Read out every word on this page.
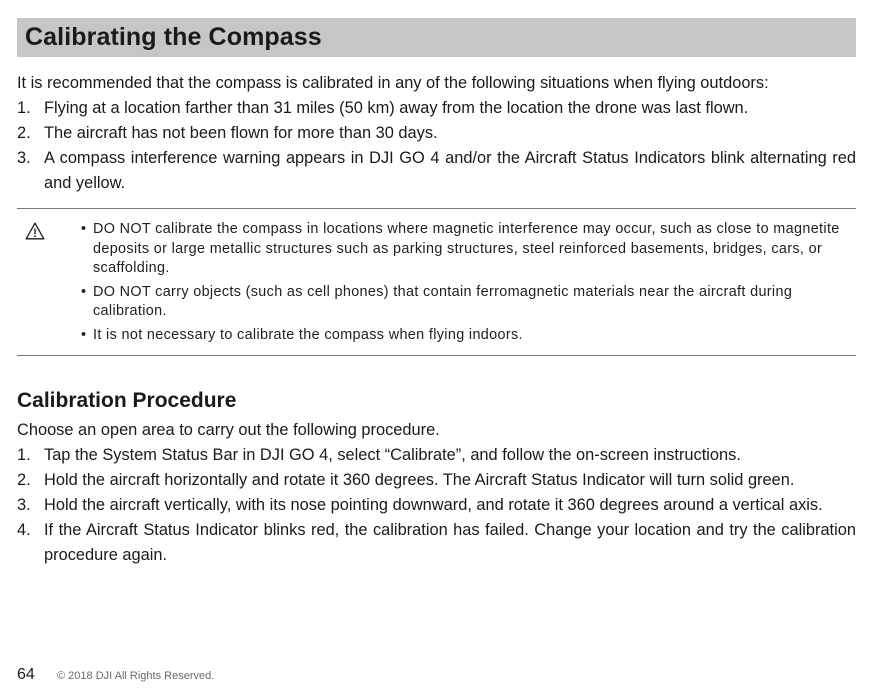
Calibrating the Compass
It is recommended that the compass is calibrated in any of the following situations when flying outdoors:
1. Flying at a location farther than 31 miles (50 km) away from the location the drone was last flown.
2. The aircraft has not been flown for more than 30 days.
3. A compass interference warning appears in DJI GO 4 and/or the Aircraft Status Indicators blink alternating red and yellow.
• DO NOT calibrate the compass in locations where magnetic interference may occur, such as close to magnetite deposits or large metallic structures such as parking structures, steel reinforced basements, bridges, cars, or scaffolding.
• DO NOT carry objects (such as cell phones) that contain ferromagnetic materials near the aircraft during calibration.
• It is not necessary to calibrate the compass when flying indoors.
Calibration Procedure
Choose an open area to carry out the following procedure.
1. Tap the System Status Bar in DJI GO 4, select “Calibrate”, and follow the on-screen instructions.
2. Hold the aircraft horizontally and rotate it 360 degrees. The Aircraft Status Indicator will turn solid green.
3. Hold the aircraft vertically, with its nose pointing downward, and rotate it 360 degrees around a vertical axis.
4. If the Aircraft Status Indicator blinks red, the calibration has failed. Change your location and try the calibration procedure again.
64	© 2018 DJI All Rights Reserved.
